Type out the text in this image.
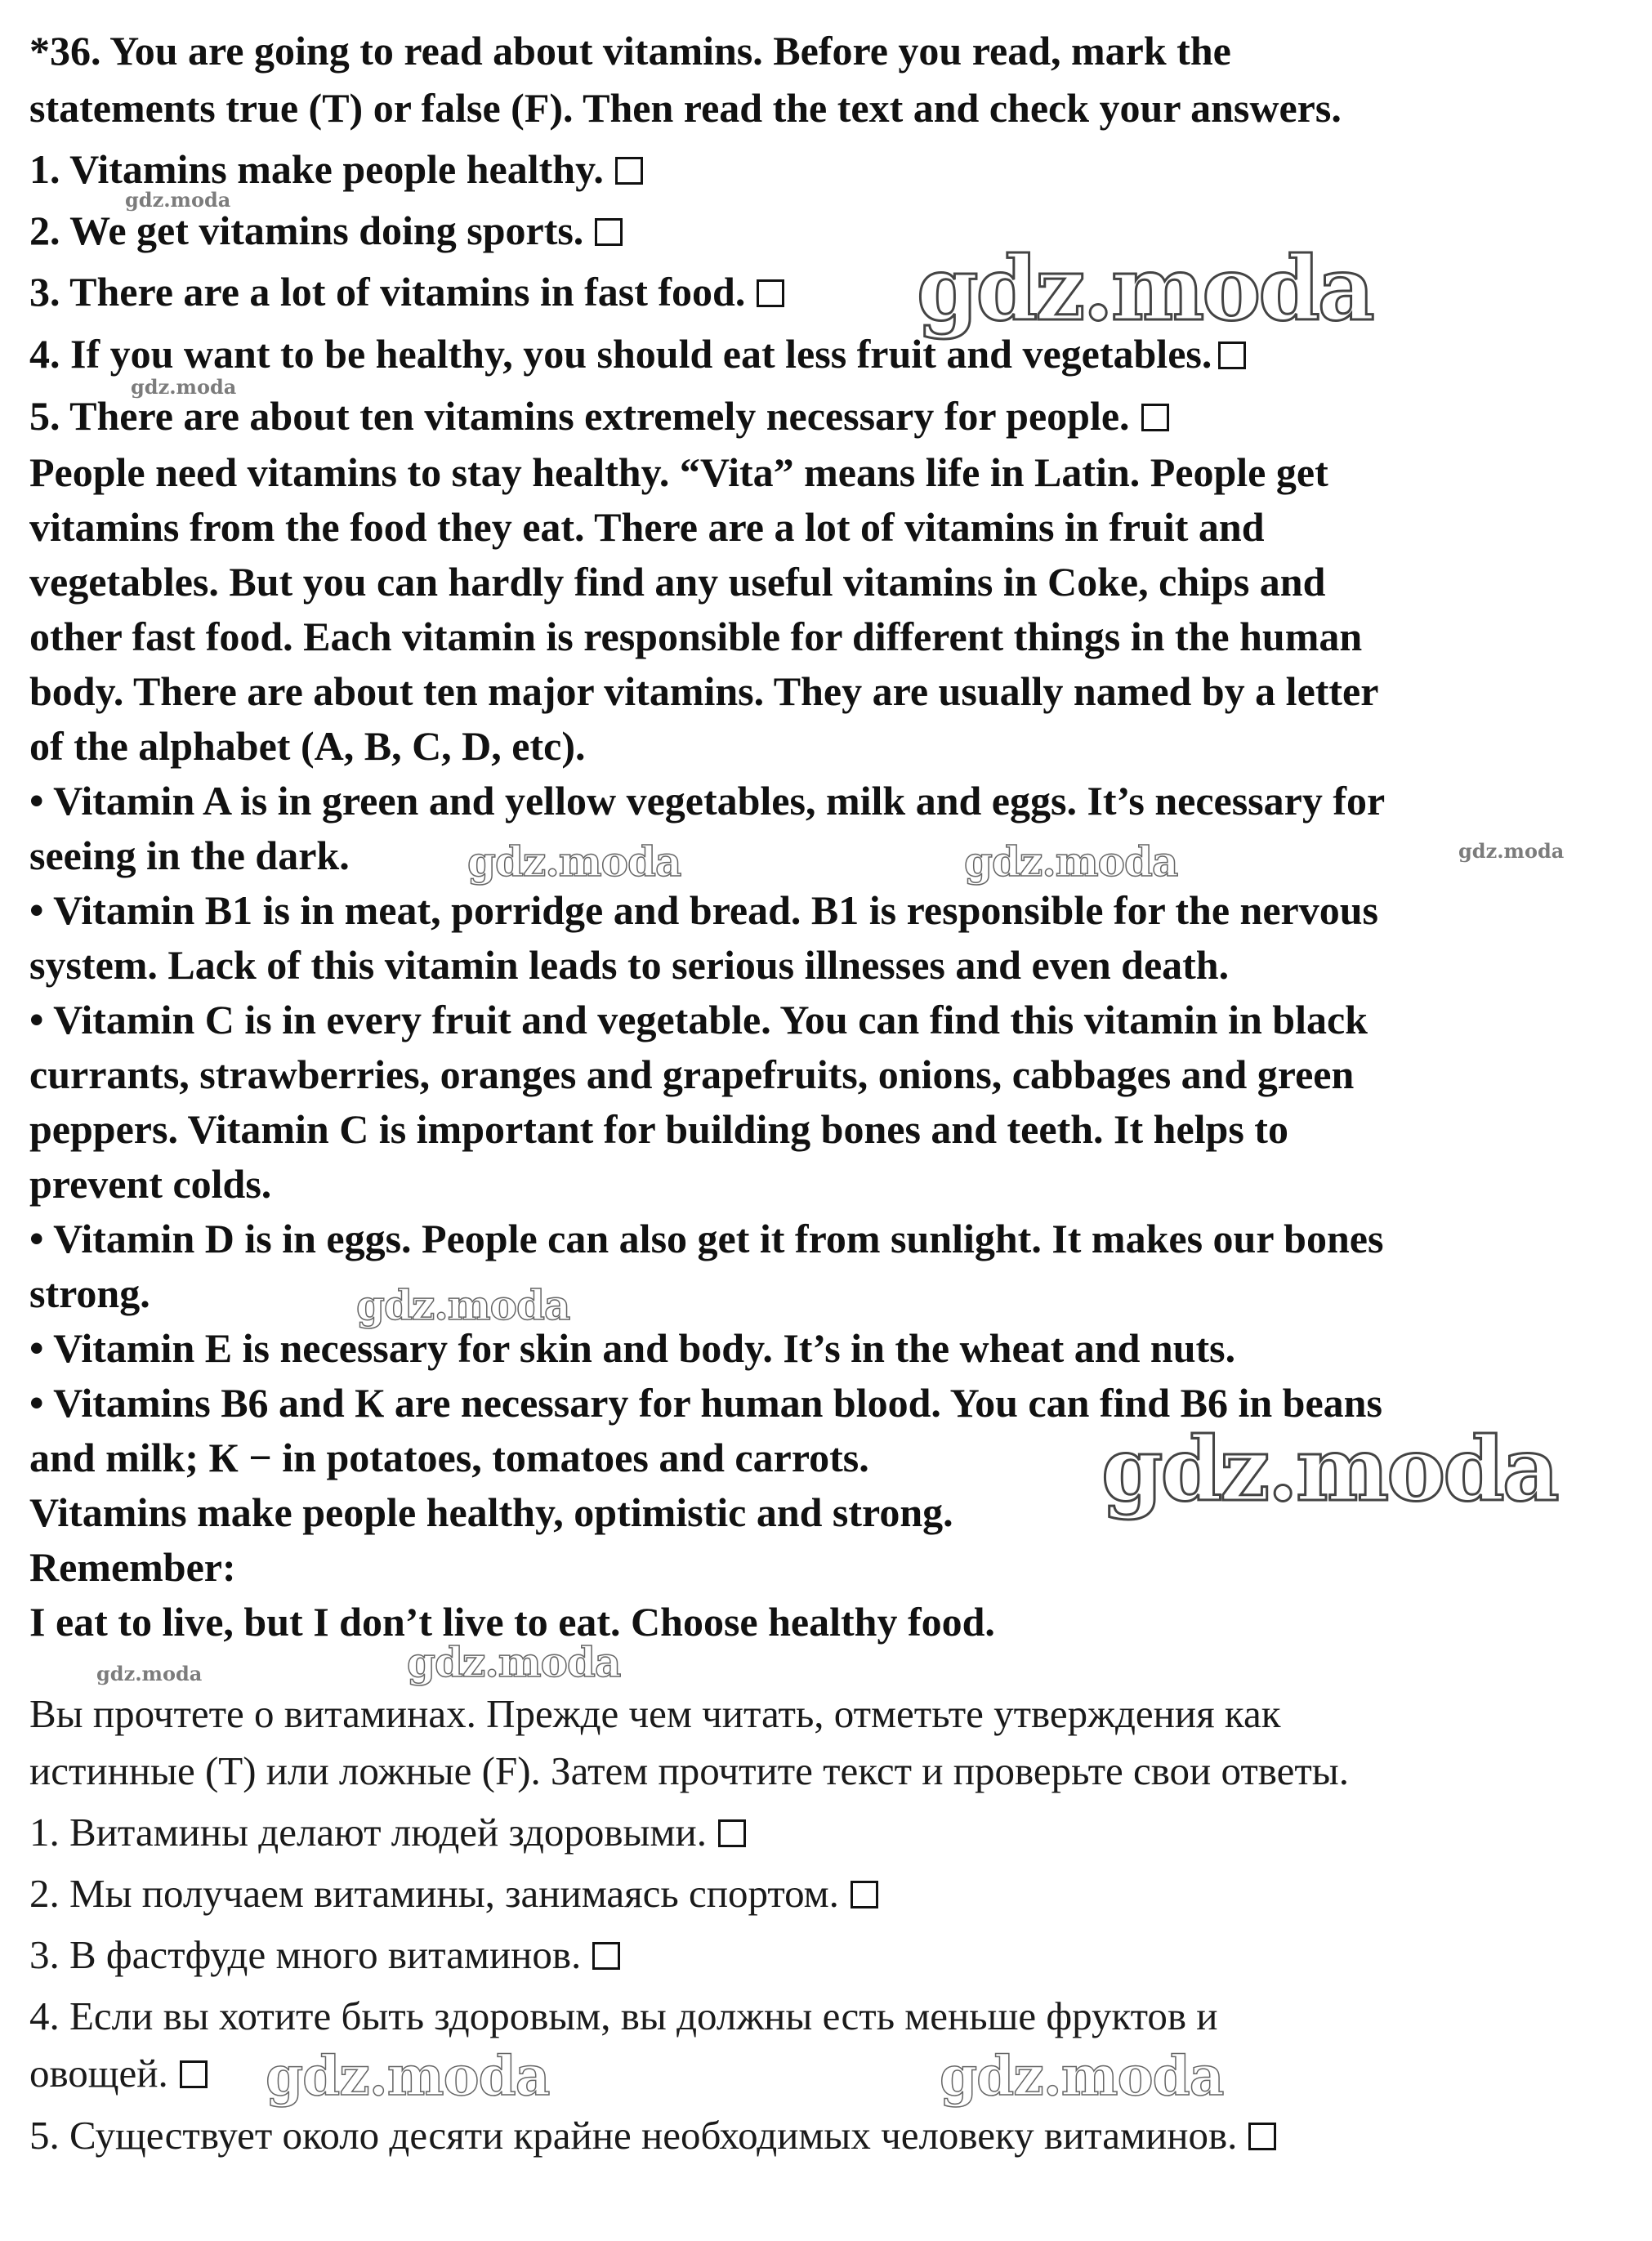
*36. You are going to read about vitamins. Before you read, mark the
statements true (T) or false (F). Then read the text and check your answers.
1. Vitamins make people healthy.
2. We get vitamins doing sports.
3. There are a lot of vitamins in fast food.
4. If you want to be healthy, you should eat less fruit and vegetables.
5. There are about ten vitamins extremely necessary for people.
People need vitamins to stay healthy. “Vita” means life in Latin. People get
vitamins from the food they eat. There are a lot of vitamins in fruit and
vegetables. But you can hardly find any useful vitamins in Coke, chips and
other fast food. Each vitamin is responsible for different things in the human
body. There are about ten major vitamins. They are usually named by a letter
of the alphabet (A, B, C, D, etc).
• Vitamin A is in green and yellow vegetables, milk and eggs. It’s necessary for
seeing in the dark.
• Vitamin B1 is in meat, porridge and bread. B1 is responsible for the nervous
system. Lack of this vitamin leads to serious illnesses and even death.
• Vitamin C is in every fruit and vegetable. You can find this vitamin in black
currants, strawberries, oranges and grapefruits, onions, cabbages and green
peppers. Vitamin C is important for building bones and teeth. It helps to
prevent colds.
• Vitamin D is in eggs. People can also get it from sunlight. It makes our bones
strong.
• Vitamin E is necessary for skin and body. It’s in the wheat and nuts.
• Vitamins B6 and К are necessary for human blood. You can find B6 in beans
and milk; К − in potatoes, tomatoes and carrots.
Vitamins make people healthy, optimistic and strong.
Remember:
I eat to live, but I don’t live to eat. Choose healthy food.
Вы прочтете о витаминах. Прежде чем читать, отметьте утверждения как
истинные (Т) или ложные (F). Затем прочтите текст и проверьте свои ответы.
1. Витамины делают людей здоровыми.
2. Мы получаем витамины, занимаясь спортом.
3. В фастфуде много витаминов.
4. Если вы хотите быть здоровым, вы должны есть меньше фруктов и
овощей.
5. Существует около десяти крайне необходимых человеку витаминов.
gdz.moda
gdz.moda
gdz.moda
gdz.moda	gdz.moda	gdz.moda
gdz.moda
gdz.moda
gdz.moda	gdz.moda
gdz.moda	gdz.moda
